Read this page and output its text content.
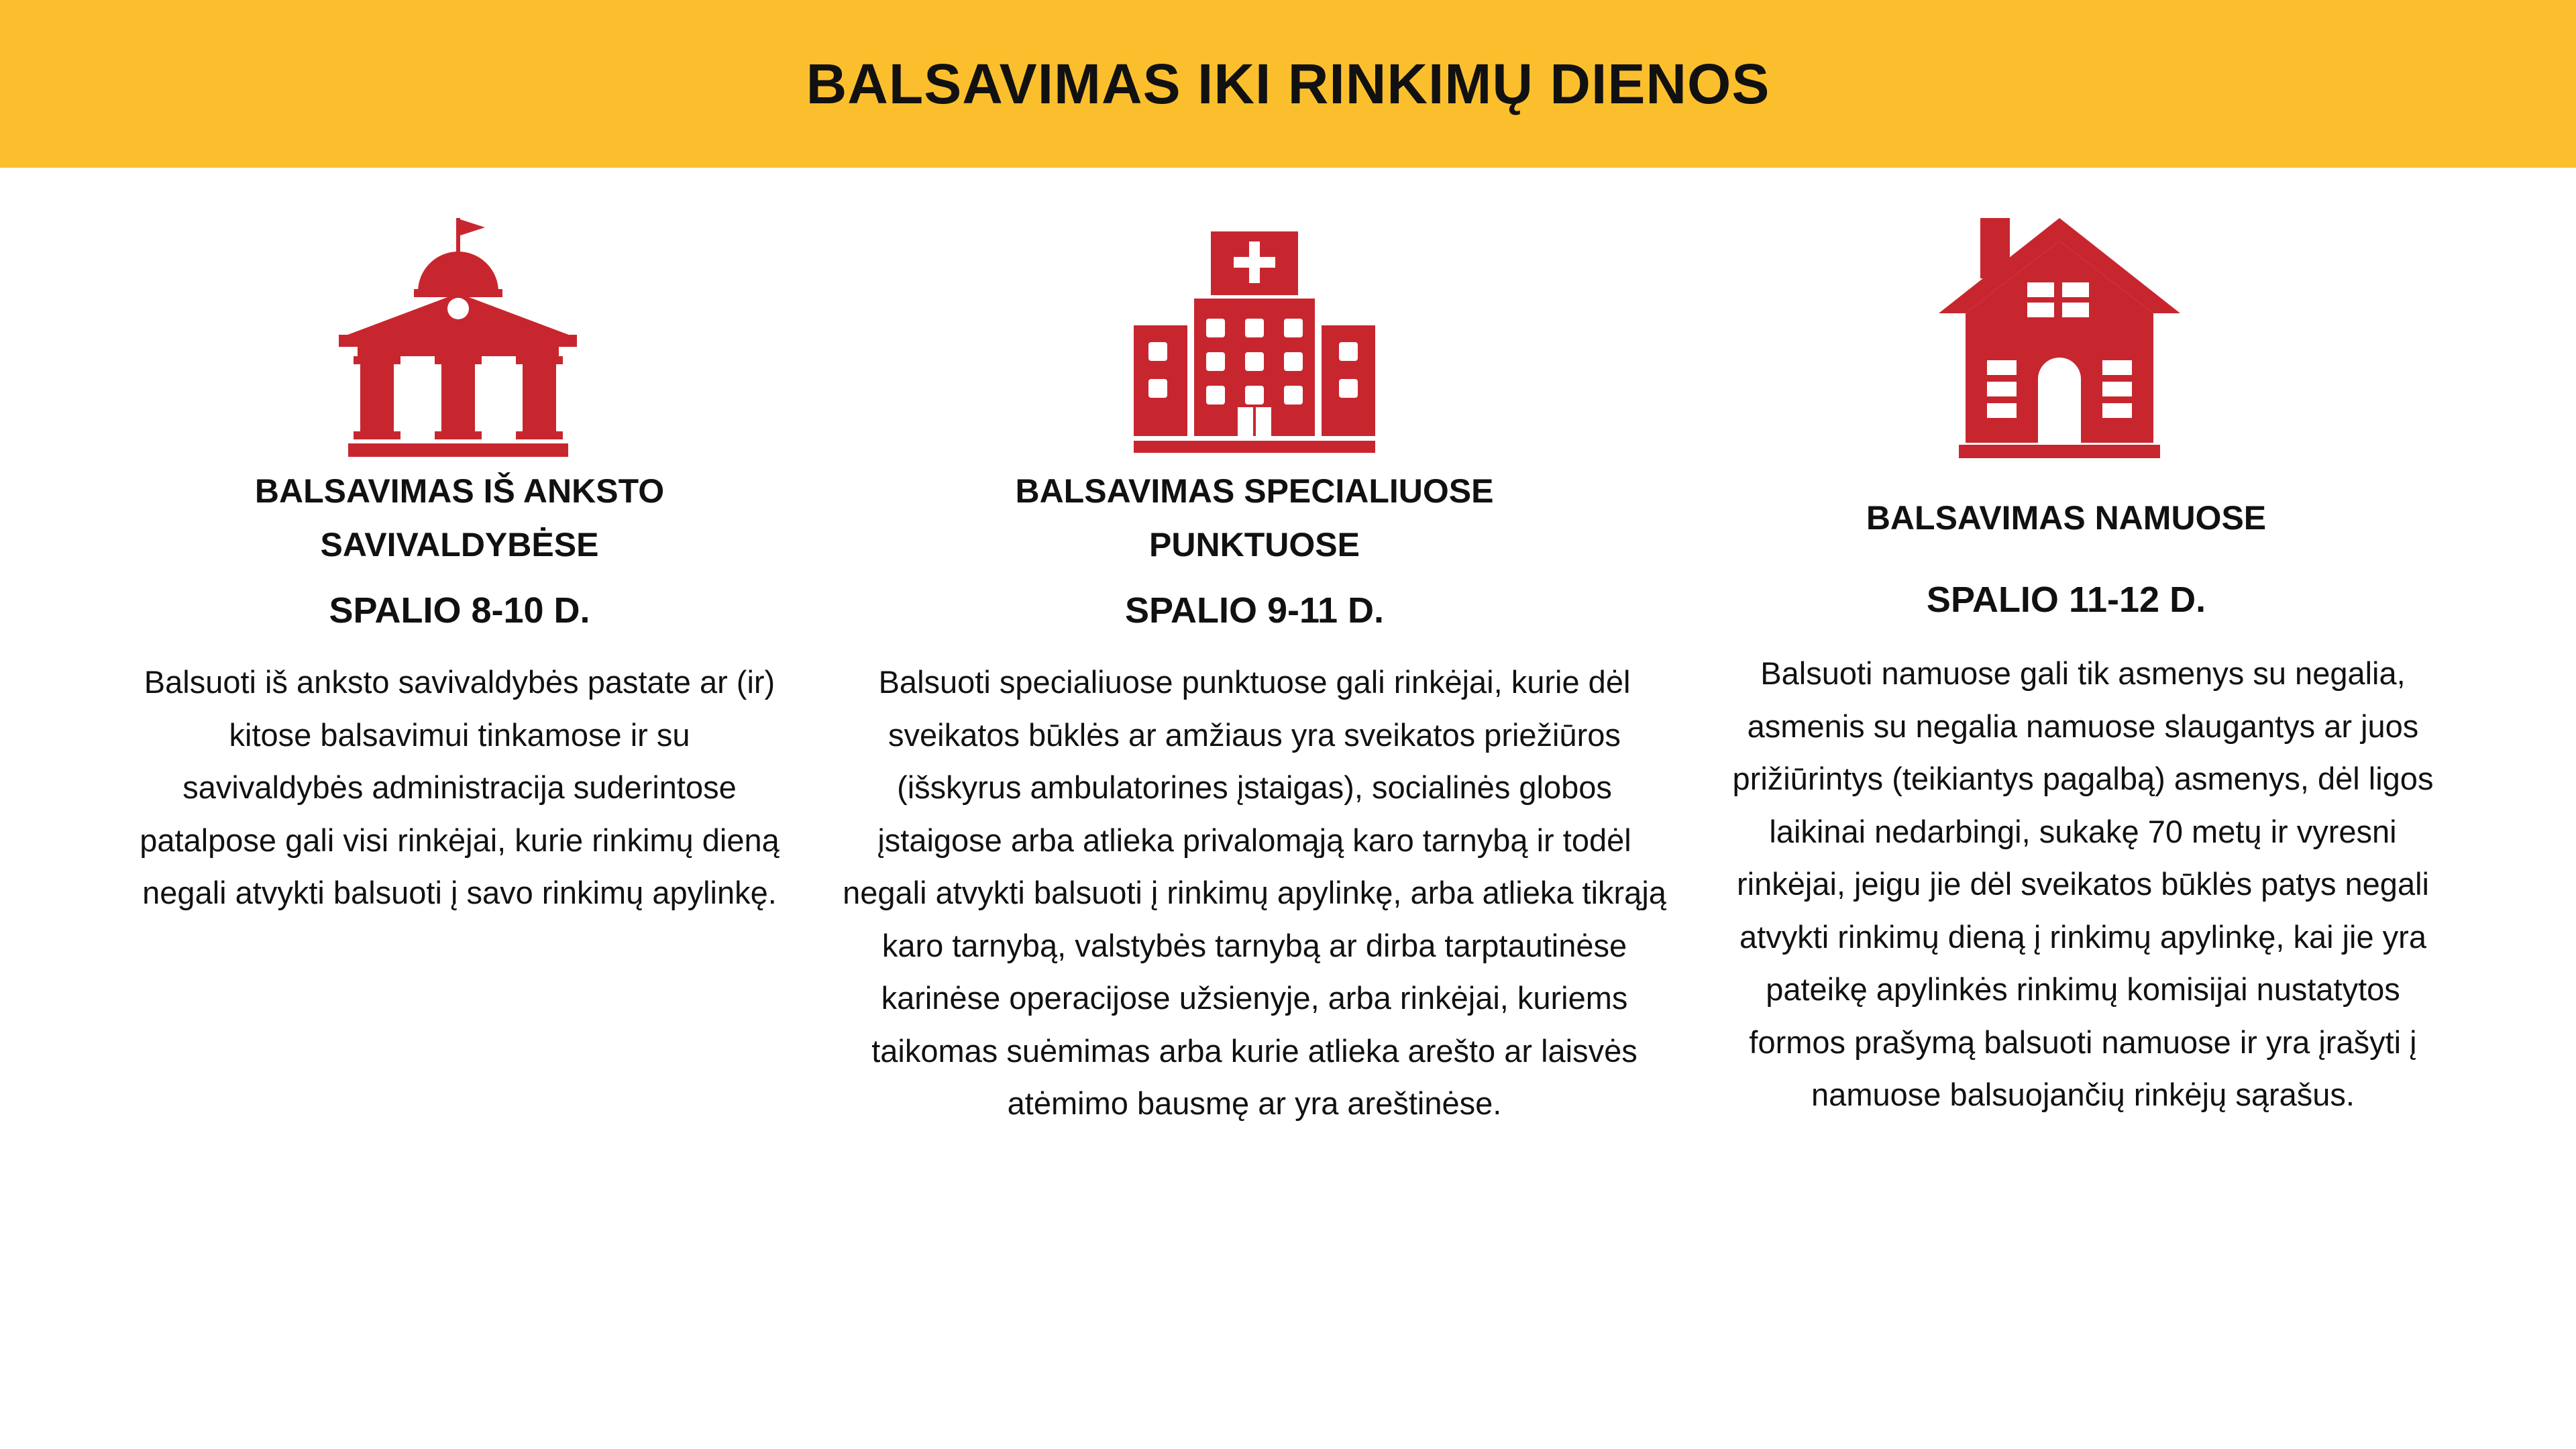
BALSAVIMAS IKI RINKIMŲ DIENOS
BALSAVIMAS IŠ ANKSTO
SAVIVALDYBĖSE
SPALIO 8-10 D.

Balsuoti iš anksto savivaldybės pastate ar (ir) kitose balsavimui tinkamose ir su savivaldybės administracija suderintose patalpose gali visi rinkėjai, kurie rinkimų dieną negali atvykti balsuoti į savo rinkimų apylinkę.

BALSAVIMAS SPECIALIUOSE
PUNKTUOSE
SPALIO 9-11 D.

Balsuoti specialiuose punktuose gali rinkėjai, kurie dėl sveikatos būklės ar amžiaus yra sveikatos priežiūros (išskyrus ambulatorines įstaigas), socialinės globos įstaigose arba atlieka privalomąją karo tarnybą ir todėl negali atvykti balsuoti į rinkimų apylinkę, arba atlieka tikrąją karo tarnybą, valstybės tarnybą ar dirba tarptautinėse karinėse operacijose užsienyje, arba rinkėjai, kuriems taikomas suėmimas arba kurie atlieka arešto ar laisvės atėmimo bausmę ar yra areštinėse.

BALSAVIMAS NAMUOSE
SPALIO 11-12 D.

Balsuoti namuose gali tik asmenys su negalia, asmenis su negalia namuose slaugantys ar juos prižiūrintys (teikiantys pagalbą) asmenys, dėl ligos laikinai nedarbingi, sukakę 70 metų ir vyresni rinkėjai, jeigu jie dėl sveikatos būklės patys negali atvykti rinkimų dieną į rinkimų apylinkę, kai jie yra pateikę apylinkės rinkimų komisijai nustatytos formos prašymą balsuoti namuose ir yra įrašyti į namuose balsuojančių rinkėjų sąrašus.
